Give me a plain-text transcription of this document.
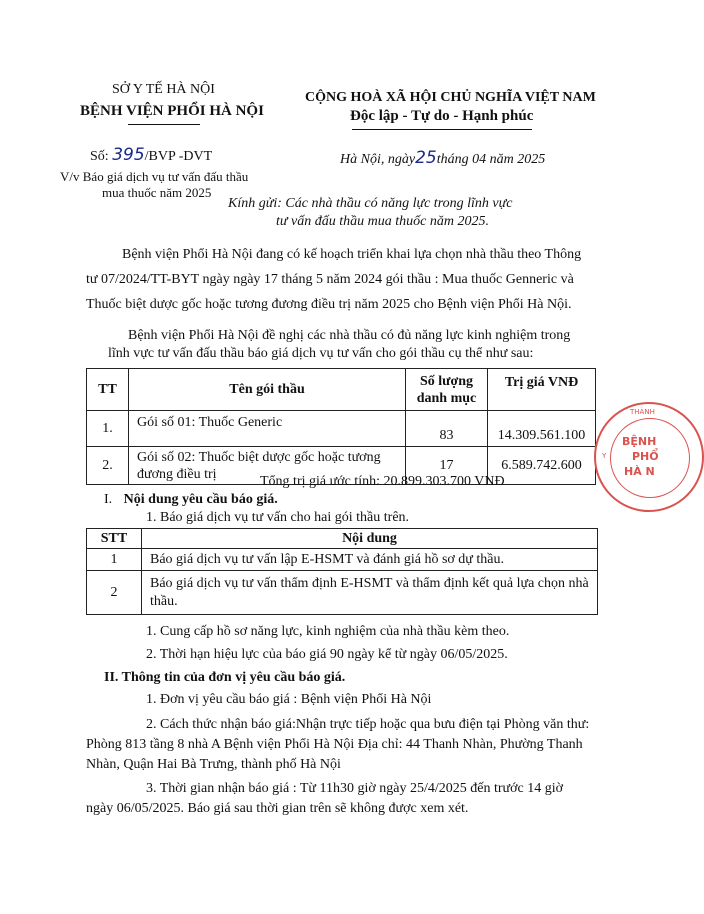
SỞ Y TẾ HÀ NỘI
BỆNH VIỆN PHỔI HÀ NỘI
Số: 395/BVP -DVT
V/v Báo giá dịch vụ tư vấn đấu thầu
mua thuốc năm 2025
CỘNG HOÀ XÃ HỘI CHỦ NGHĨA VIỆT NAM
Độc lập - Tự do - Hạnh phúc
Hà Nội, ngày25tháng 04 năm 2025
Kính gửi: Các nhà thầu có năng lực trong lĩnh vực
tư vấn đấu thầu mua thuốc năm 2025.
Bệnh viện Phổi Hà Nội đang có kế hoạch triển khai lựa chọn nhà thầu theo Thông
tư 07/2024/TT-BYT ngày ngày 17 tháng 5 năm 2024 gói thầu : Mua thuốc Genneric và
Thuốc biệt dược gốc hoặc tương đương điều trị năm 2025 cho Bệnh viện Phổi Hà Nội.
Bệnh viện Phổi Hà Nội đề nghị các nhà thầu có đủ năng lực kinh nghiệm trong
lĩnh vực tư vấn đấu thầu báo giá dịch vụ tư vấn cho gói thầu cụ thể như sau:
TT	Tên gói thầu	Số lượng
danh mục	Trị giá VNĐ
1.	Gói số 01: Thuốc Generic	83	14.309.561.100
2.	Gói số 02: Thuốc biệt dược gốc hoặc tương
đương điều trị	17	6.589.742.600
Tổng trị giá ước tính: 20.899.303.700 VNĐ
I. Nội dung yêu cầu báo giá.
1. Báo giá dịch vụ tư vấn cho hai gói thầu trên.
STT	Nội dung
1	Báo giá dịch vụ tư vấn lập E-HSMT và đánh giá hồ sơ dự thầu.
2	Báo giá dịch vụ tư vấn thẩm định E-HSMT và thẩm định kết quả lựa chọn nhà
thầu.
1. Cung cấp hồ sơ năng lực, kinh nghiệm của nhà thầu kèm theo.
2. Thời hạn hiệu lực của báo giá 90 ngày kể từ ngày 06/05/2025.
II. Thông tin của đơn vị yêu cầu báo giá.
1. Đơn vị yêu cầu báo giá : Bệnh viện Phổi Hà Nội
2. Cách thức nhận báo giá:Nhận trực tiếp hoặc qua bưu điện tại Phòng văn thư:
Phòng 813 tầng 8 nhà A Bệnh viện Phổi Hà Nội Địa chỉ: 44 Thanh Nhàn, Phường Thanh
Nhàn, Quận Hai Bà Trưng, thành phố Hà Nội
3. Thời gian nhận báo giá : Từ 11h30 giờ ngày 25/4/2025 đến trước 14 giờ
ngày 06/05/2025. Báo giá sau thời gian trên sẽ không được xem xét.
THÀNH
Y
BỆNH
PHỔ
HÀ N
